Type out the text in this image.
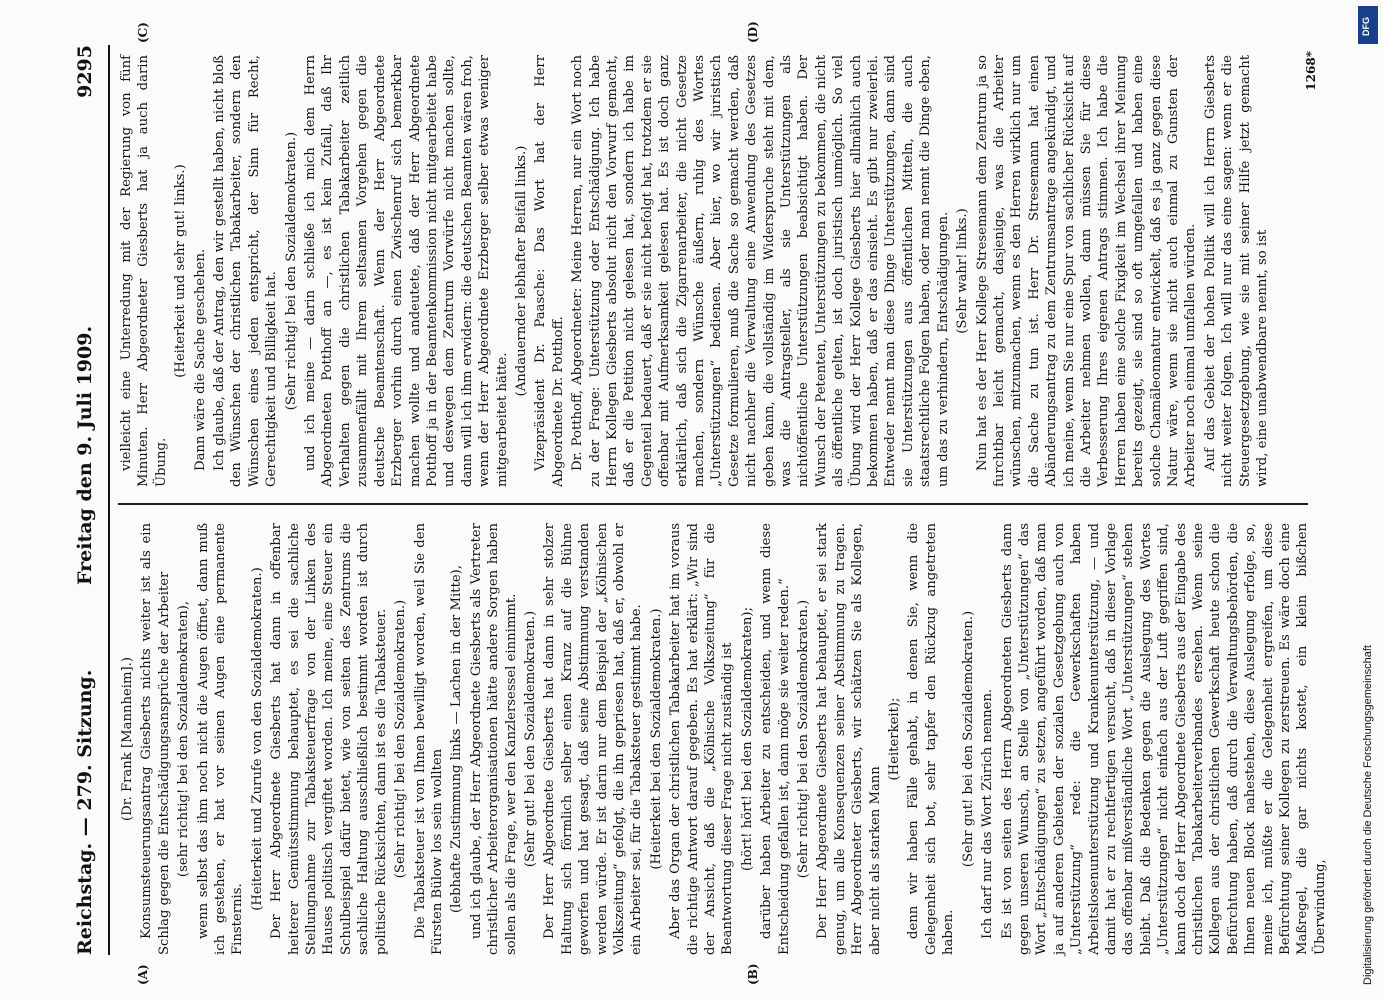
DFG
Digitalisierung gefördert durch die Deutsche Forschungsgemeinschaft
Reichstag. — 279. Sitzung.
Freitag den 9. Juli 1909.
9295
(A)	(B)
(C)	(D)

(Dr. Frank [Mannheim].) Konsumsteuerungsantrag Giesberts nichts weiter ist als ein Schlag gegen die Entschädigungsansprüche der Arbeiter (sehr richtig! bei den Sozialdemokraten), wenn selbst das ihm noch nicht die Augen öffnet, dann muß ich gestehen, er hat vor seinen Augen eine permanente Finsternis.

(Heiterkeit und Zurufe von den Sozialdemokraten.) Der Herr Abgeordnete Giesberts hat dann in offenbar heiterer Gemütsstimmung behauptet, es sei die sachliche Stellungnahme zur Tabaksteuerfrage von der Linken des Hauses politisch vergiftet worden. Ich meine, eine Steuer ein Schulbeispiel dafür bietet, wie von seiten des Zentrums die sachliche Haltung ausschließlich bestimmt worden ist durch politische Rücksichten, dann ist es die Tabaksteuer. (Sehr richtig! bei den Sozialdemokraten.) Die Tabaksteuer ist von Ihnen bewilligt worden, weil Sie den Fürsten Bülow los sein wollten (lebhafte Zustimmung links — Lachen in der Mitte), und ich glaube, der Herr Abgeordnete Giesberts als Vertreter christlicher Arbeiterorganisationen hätte andere Sorgen haben sollen als die Frage, wer den Kanzlersessel einnimmt. (Sehr gut! bei den Sozialdemokraten.) Der Herr Abgeordnete Giesberts hat dann in sehr stolzer Haltung sich förmlich selber einen Kranz auf die Bühne geworfen und hat gesagt, daß seine Abstimmung verstanden werden würde. Er ist darin nur dem Beispiel der „Kölnischen Volkszeitung“ gefolgt, die ihn gepriesen hat, daß er, obwohl er ein Arbeiter sei, für die Tabaksteuer gestimmt habe. (Heiterkeit bei den Sozialdemokraten.) Aber das Organ der christlichen Tabakarbeiter hat im voraus die richtige Antwort darauf gegeben. Es hat erklärt: „Wir sind der Ansicht, daß die „Kölnische Volkszeitung“ für die Beantwortung dieser Frage nicht zuständig ist (hört! hört! bei den Sozialdemokraten); darüber haben Arbeiter zu entscheiden, und wenn diese Entscheidung gefallen ist, dann möge sie weiter reden.“ (Sehr richtig! bei den Sozialdemokraten.) Der Herr Abgeordnete Giesberts hat behauptet, er sei stark genug, um alle Konsequenzen seiner Abstimmung zu tragen. Herr Abgeordneter Giesberts, wir schätzen Sie als Kollegen, aber nicht als starken Mann

(Heiterkeit); denn wir haben Fälle gehabt, in denen Sie, wenn die Gelegenheit sich bot, sehr tapfer den Rückzug angetreten haben.

(Sehr gut! bei den Sozialdemokraten.) Ich darf nur das Wort Zürich nennen. Es ist von seiten des Herrn Abgeordneten Giesberts dann gegen unseren Wunsch, an Stelle von „Unterstützungen“ das Wort „Entschädigungen“ zu setzen, angeführt worden, daß man ja auf anderen Gebieten der sozialen Gesetzgebung auch von „Unterstützung“ rede: die Gewerkschaften haben Arbeitslosenunterstützung und Krankenunterstützung, — und damit hat er zu rechtfertigen versucht, daß in dieser Vorlage das offenbar mißverständliche Wort „Unterstützungen“ stehen bleibt. Daß die Bedenken gegen die Auslegung des Wortes „Unterstützungen“ nicht einfach aus der Luft gegriffen sind, kann doch der Herr Abgeordnete Giesberts aus der Eingabe des christlichen Tabakarbeiterverbandes ersehen. Wenn seine Kollegen aus der christlichen Gewerkschaft heute schon die Befürchtung haben, daß durch die Verwaltungsbehörden, die Ihnen neuen Block nahestehen, diese Auslegung erfolge, so, meine ich, müßte er die Gelegenheit ergreifen, um diese Befürchtung seiner Kollegen zu zerstreuen. Es wäre doch eine Maßregel, die gar nichts kostet, ein klein bißchen Überwindung,

vielleicht eine Unterredung mit der Regierung von fünf Minuten. Herr Abgeordneter Giesberts hat ja auch darin Übung.

(Heiterkeit und sehr gut! links.) Dann wäre die Sache geschehen. Ich glaube, daß der Antrag, den wir gestellt haben, nicht bloß den Wünschen der christlichen Tabakarbeiter, sondern den Wünschen eines jeden entspricht, der Sinn für Recht, Gerechtigkeit und Billigkeit hat. (Sehr richtig! bei den Sozialdemokraten.) und ich meine — darin schließe ich mich dem Herrn Abgeordneten Potthoff an —, es ist kein Zufall, daß Ihr Verhalten gegen die christlichen Tabakarbeiter zeitlich zusammenfällt mit Ihrem seltsamen Vorgehen gegen die deutsche Beamtenschaft. Wenn der Herr Abgeordnete Erzberger vorhin durch einen Zwischenruf sich bemerkbar machen wollte und andeutete, daß der Herr Abgeordnete Potthoff ja in der Beamtenkommission nicht mitgearbeitet habe und deswegen dem Zentrum Vorwürfe nicht machen sollte, dann will ich ihm erwidern: die deutschen Beamten wären froh, wenn der Herr Abgeordnete Erzberger selber etwas weniger mitgearbeitet hätte.

(Andauernder lebhafter Beifall links.) Vizepräsident Dr. Paasche: Das Wort hat der Herr Abgeordnete Dr. Potthoff. Dr. Potthoff, Abgeordneter: Meine Herren, nur ein Wort noch zu der Frage: Unterstützung oder Entschädigung. Ich habe Herrn Kollegen Giesberts absolut nicht den Vorwurf gemacht, daß er die Petition nicht gelesen hat, sondern ich habe im Gegenteil bedauert, daß er sie nicht befolgt hat, trotzdem er sie offenbar mit Aufmerksamkeit gelesen hat. Es ist doch ganz erklärlich, daß sich die Zigarrenarbeiter, die nicht Gesetze machen, sondern Wünsche äußern, ruhig des Wortes „Unterstützungen“ bedienen. Aber hier, wo wir juristisch Gesetze formulieren, muß die Sache so gemacht werden, daß nicht nachher die Verwaltung eine Anwendung des Gesetzes geben kann, die vollständig im Widerspruche steht mit dem, was die Antragsteller, als sie Unterstützungen als nichtöffentliche Unterstützungen beabsichtigt haben. Der Wunsch der Petenten, Unterstützungen zu bekommen, die nicht als öffentliche gelten, ist doch juristisch unmöglich. So viel Übung wird der Herr Kollege Giesberts hier allmählich auch bekommen haben, daß er das einsieht. Es gibt nur zweierlei. Entweder nennt man diese Dinge Unterstützungen, dann sind sie Unterstützungen aus öffentlichen Mitteln, die auch staatsrechtliche Folgen haben, oder man nennt die Dinge eben, um das zu verhindern, Entschädigungen. (Sehr wahr! links.) Nun hat es der Herr Kollege Stresemann dem Zentrum ja so furchtbar leicht gemacht, dasjenige, was die Arbeiter wünschen, mitzumachen, wenn es den Herren wirklich nur um die Sache zu tun ist. Herr Dr. Stresemann hat einen Abänderungsantrag zu dem Zentrumsantrage angekündigt, und ich meine, wenn Sie nur eine Spur von sachlicher Rücksicht auf die Arbeiter nehmen wollen, dann müssen Sie für diese Verbesserung Ihres eigenen Antrags stimmen. Ich habe die Herren haben eine solche Fixigkeit im Wechsel ihrer Meinung bereits gezeigt, sie sind so oft umgefallen und haben eine solche Chamäleonnatur entwickelt, daß es ja ganz gegen diese Natur wäre, wenn sie nicht auch einmal zu Gunsten der Arbeiter noch einmal umfallen würden. Auf das Gebiet der hohen Politik will ich Herrn Giesberts nicht weiter folgen. Ich will nur das eine sagen: wenn er die Steuergesetzgebung, wie sie mit seiner Hilfe jetzt gemacht wird, eine unabwendbare nennt, so ist

1268*
